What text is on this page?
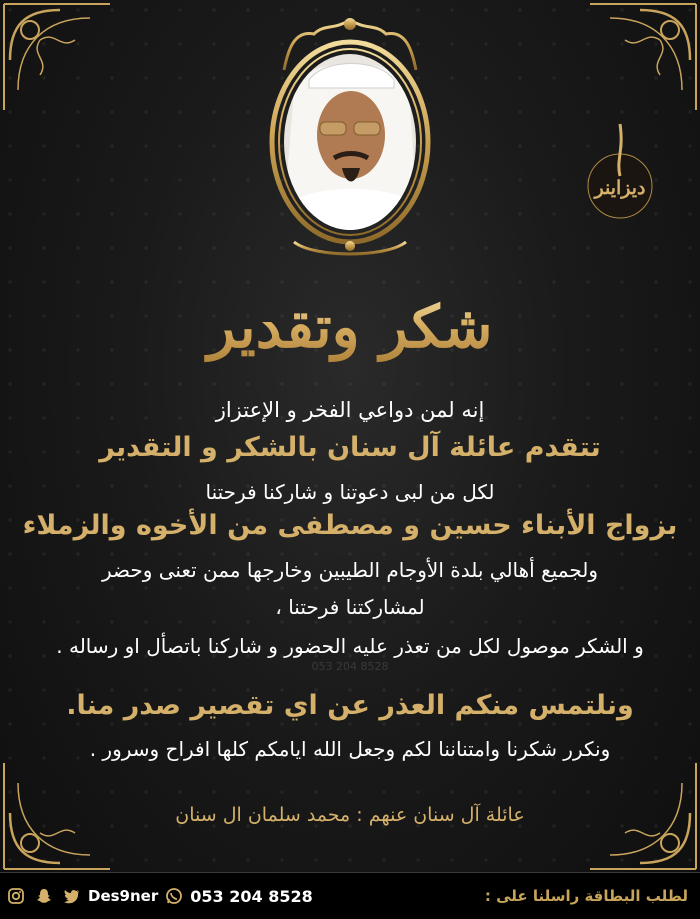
ديزاينر
شكر وتقدير
053 204 8528
إنه لمن دواعي الفخر و الإعتزاز
تتقدم عائلة آل سنان بالشكر و التقدير
لكل من لبى دعوتنا و شاركنا فرحتنا
بزواج الأبناء حسين و مصطفى من الأخوه والزملاء
ولجميع أهالي بلدة الأوجام الطيبين وخارجها ممن تعنى وحضر
لمشاركتنا فرحتنا ،
و الشكر موصول لكل من تعذر عليه الحضور و شاركنا باتصأل او رساله .
ونلتمس منكم العذر عن اي تقصير صدر منا.
ونكرر شكرنا وامتناننا لكم وجعل الله ايامكم كلها افراح وسرور .
عائلة آل سنان عنهم : محمد سلمان ال سنان
Des9ner 053 204 8528	لطلب البطاقة راسلنا على :
